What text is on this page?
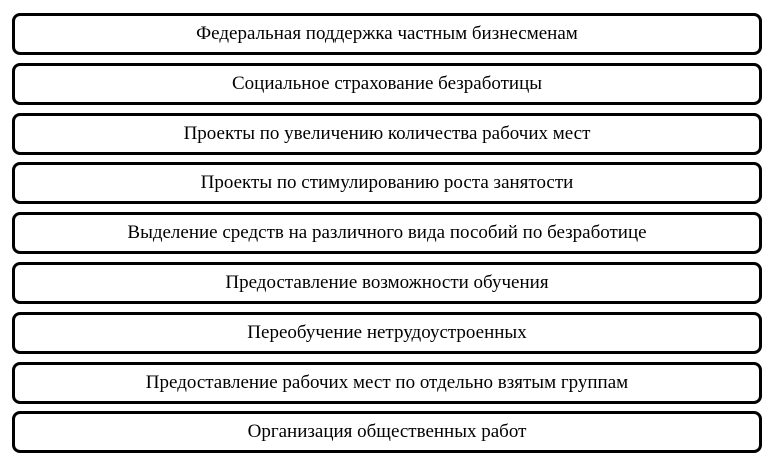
Федеральная поддержка частным бизнесменам
Социальное страхование безработицы
Проекты по увеличению количества рабочих мест
Проекты по стимулированию роста занятости
Выделение средств на различного вида пособий по безработице
Предоставление возможности обучения
Переобучение нетрудоустроенных
Предоставление рабочих мест по отдельно взятым группам
Организация общественных работ
